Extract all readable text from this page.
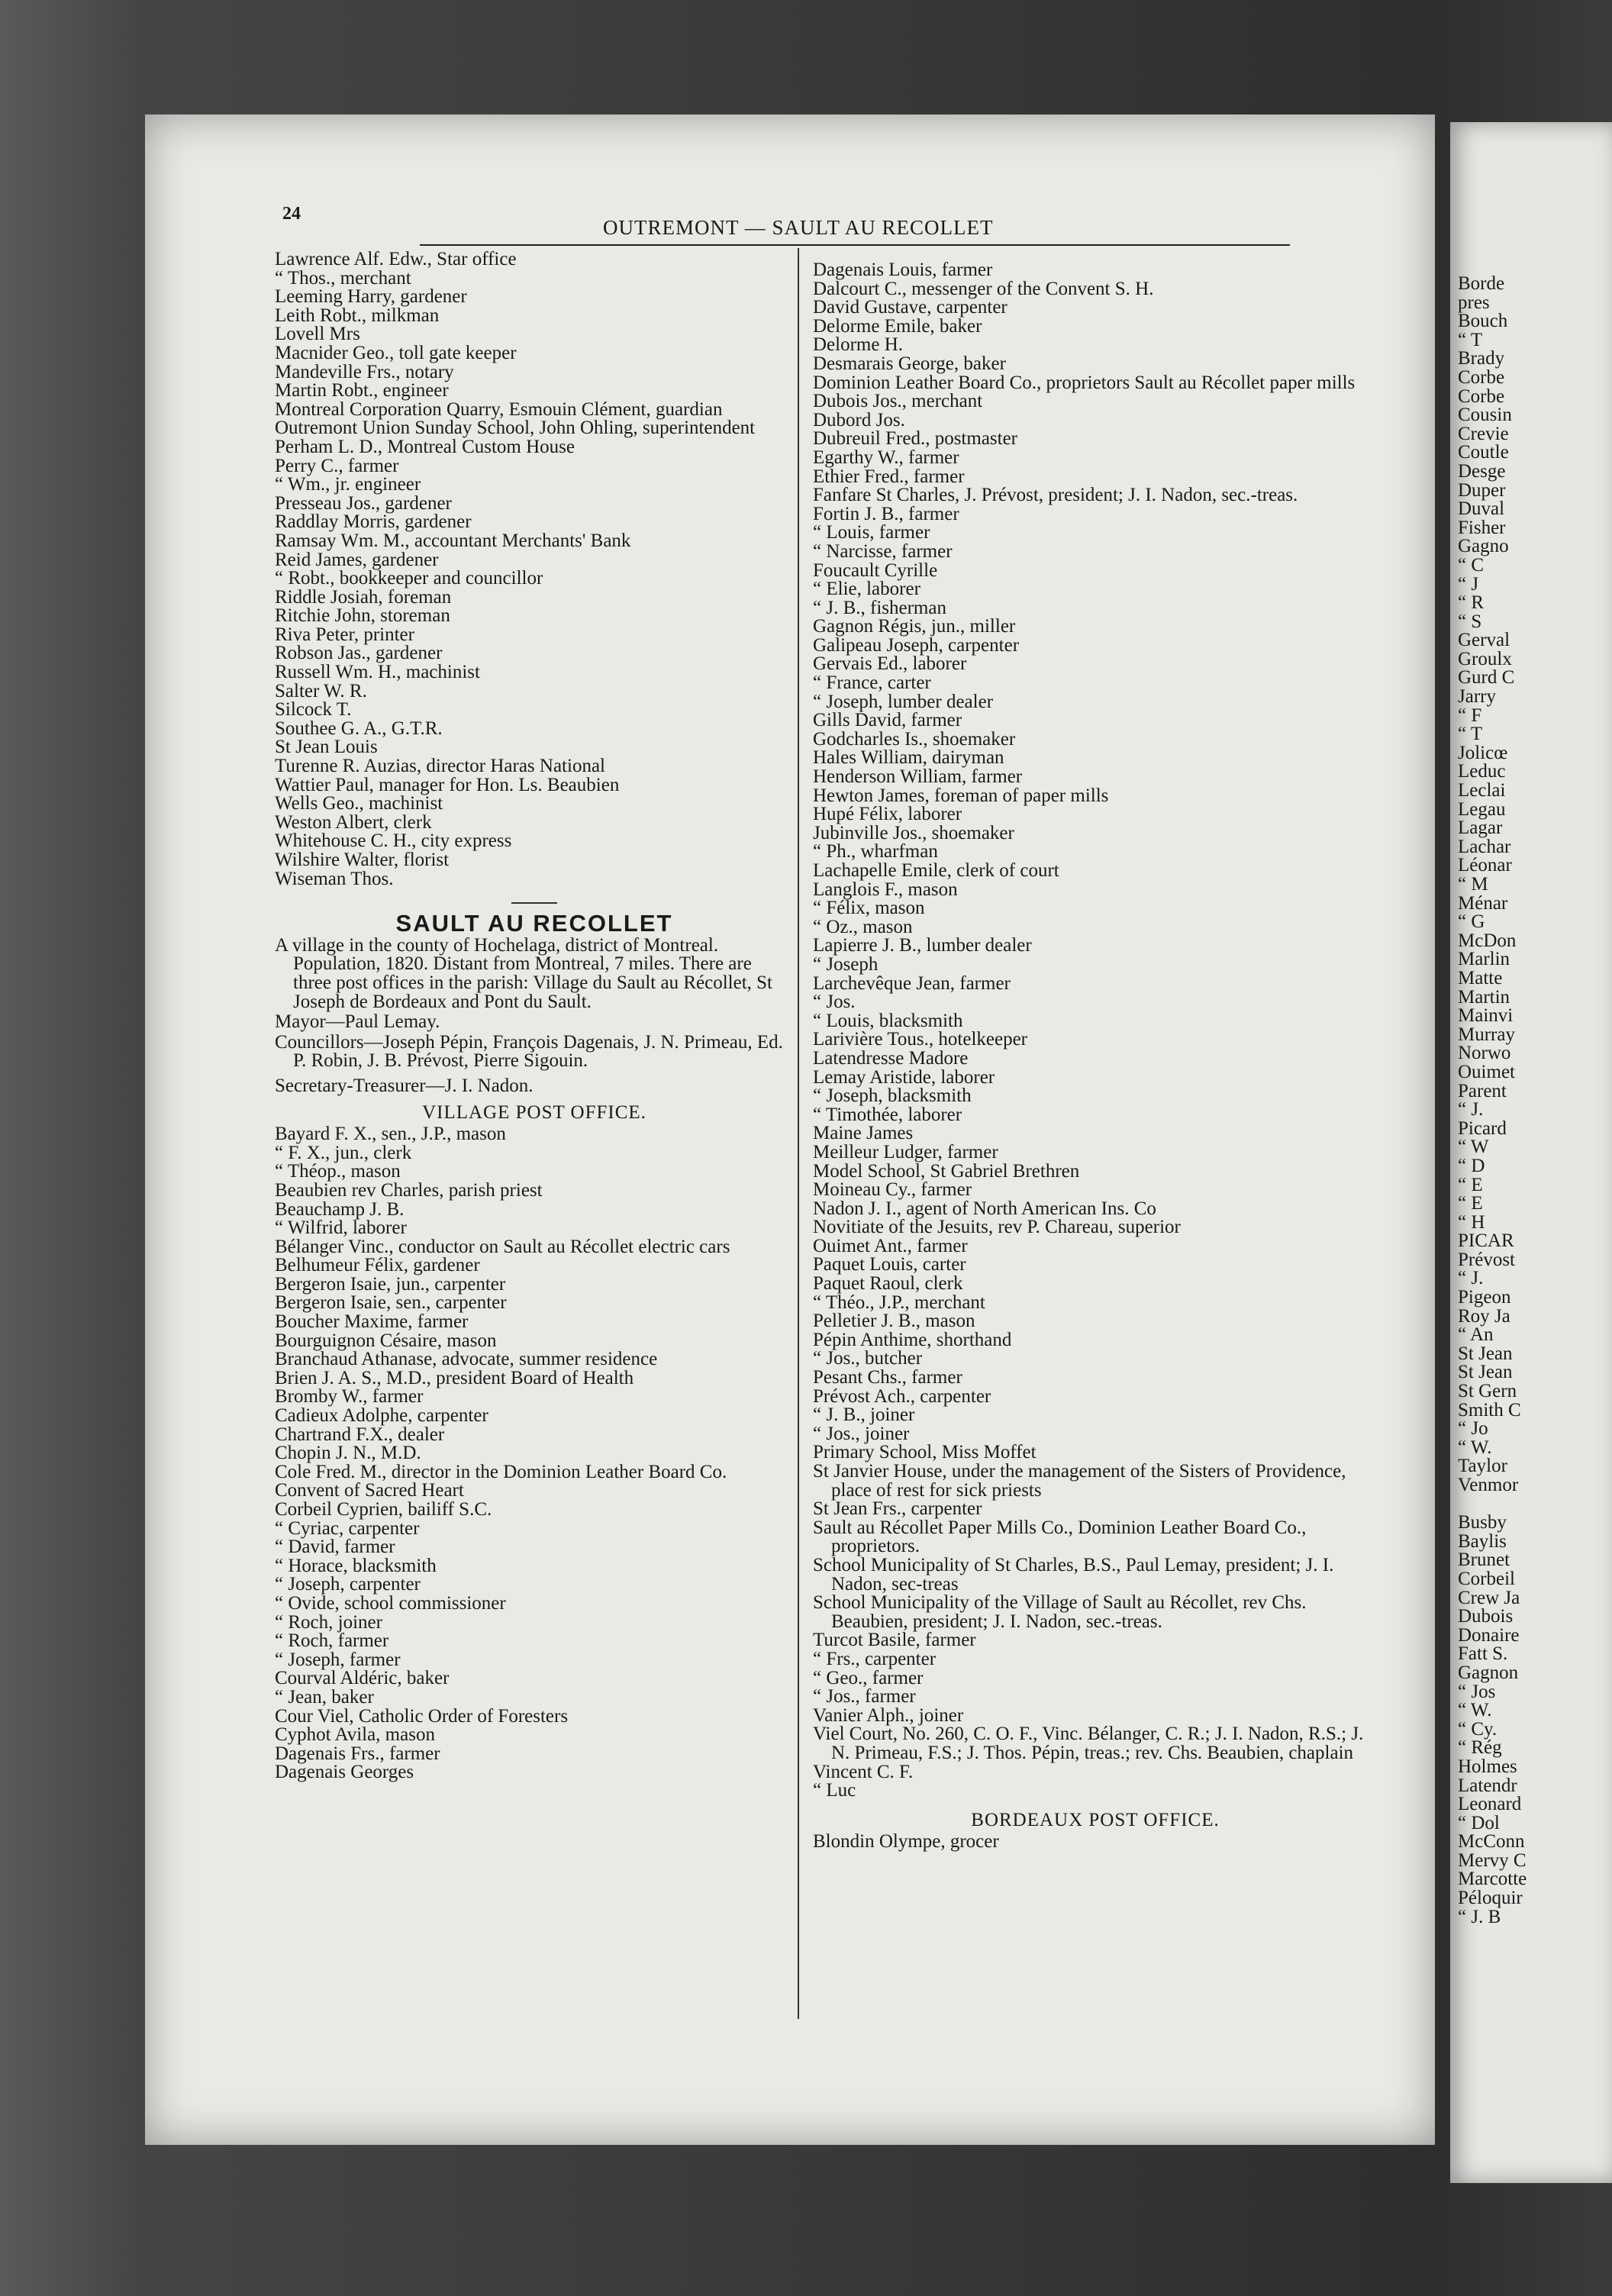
24
OUTREMONT — SAULT AU RECOLLET
Lawrence Alf. Edw., Star office
“ Thos., merchant
Leeming Harry, gardener
Leith Robt., milkman
Lovell Mrs
Macnider Geo., toll gate keeper
Mandeville Frs., notary
Martin Robt., engineer
Montreal Corporation Quarry, Esmouin Clément, guardian
Outremont Union Sunday School, John Ohling, superintendent
Perham L. D., Montreal Custom House
Perry C., farmer
“ Wm., jr. engineer
Presseau Jos., gardener
Raddlay Morris, gardener
Ramsay Wm. M., accountant Merchants' Bank
Reid James, gardener
“ Robt., bookkeeper and councillor
Riddle Josiah, foreman
Ritchie John, storeman
Riva Peter, printer
Robson Jas., gardener
Russell Wm. H., machinist
Salter W. R.
Silcock T.
Southee G. A., G.T.R.
St Jean Louis
Turenne R. Auzias, director Haras National
Wattier Paul, manager for Hon. Ls. Beaubien
Wells Geo., machinist
Weston Albert, clerk
Whitehouse C. H., city express
Wilshire Walter, florist
Wiseman Thos.
SAULT AU RECOLLET
A village in the county of Hochelaga, district of Montreal. Population, 1820. Distant from Montreal, 7 miles. There are three post offices in the parish: Village du Sault au Récollet, St Joseph de Bordeaux and Pont du Sault.
Mayor—Paul Lemay.
Councillors—Joseph Pépin, François Dagenais, J. N. Primeau, Ed. P. Robin, J. B. Prévost, Pierre Sigouin.
Secretary-Treasurer—J. I. Nadon.
VILLAGE POST OFFICE.
Bayard F. X., sen., J.P., mason
“ F. X., jun., clerk
“ Théop., mason
Beaubien rev Charles, parish priest
Beauchamp J. B.
“ Wilfrid, laborer
Bélanger Vinc., conductor on Sault au Récollet electric cars
Belhumeur Félix, gardener
Bergeron Isaie, jun., carpenter
Bergeron Isaie, sen., carpenter
Boucher Maxime, farmer
Bourguignon Césaire, mason
Branchaud Athanase, advocate, summer residence
Brien J. A. S., M.D., president Board of Health
Bromby W., farmer
Cadieux Adolphe, carpenter
Chartrand F.X., dealer
Chopin J. N., M.D.
Cole Fred. M., director in the Dominion Leather Board Co.
Convent of Sacred Heart
Corbeil Cyprien, bailiff S.C.
“ Cyriac, carpenter
“ David, farmer
“ Horace, blacksmith
“ Joseph, carpenter
“ Ovide, school commissioner
“ Roch, joiner
“ Roch, farmer
“ Joseph, farmer
Courval Aldéric, baker
“ Jean, baker
Cour Viel, Catholic Order of Foresters
Cyphot Avila, mason
Dagenais Frs., farmer
Dagenais Georges
Dagenais Louis, farmer
Dalcourt C., messenger of the Convent S. H.
David Gustave, carpenter
Delorme Emile, baker
Delorme H.
Desmarais George, baker
Dominion Leather Board Co., proprietors Sault au Récollet paper mills
Dubois Jos., merchant
Dubord Jos.
Dubreuil Fred., postmaster
Egarthy W., farmer
Ethier Fred., farmer
Fanfare St Charles, J. Prévost, president; J. I. Nadon, sec.-treas.
Fortin J. B., farmer
“ Louis, farmer
“ Narcisse, farmer
Foucault Cyrille
“ Elie, laborer
“ J. B., fisherman
Gagnon Régis, jun., miller
Galipeau Joseph, carpenter
Gervais Ed., laborer
“ France, carter
“ Joseph, lumber dealer
Gills David, farmer
Godcharles Is., shoemaker
Hales William, dairyman
Henderson William, farmer
Hewton James, foreman of paper mills
Hupé Félix, laborer
Jubinville Jos., shoemaker
“ Ph., wharfman
Lachapelle Emile, clerk of court
Langlois F., mason
“ Félix, mason
“ Oz., mason
Lapierre J. B., lumber dealer
“ Joseph
Larchevêque Jean, farmer
“ Jos.
“ Louis, blacksmith
Larivière Tous., hotelkeeper
Latendresse Madore
Lemay Aristide, laborer
“ Joseph, blacksmith
“ Timothée, laborer
Maine James
Meilleur Ludger, farmer
Model School, St Gabriel Brethren
Moineau Cy., farmer
Nadon J. I., agent of North American Ins. Co
Novitiate of the Jesuits, rev P. Chareau, superior
Ouimet Ant., farmer
Paquet Louis, carter
Paquet Raoul, clerk
“ Théo., J.P., merchant
Pelletier J. B., mason
Pépin Anthime, shorthand
“ Jos., butcher
Pesant Chs., farmer
Prévost Ach., carpenter
“ J. B., joiner
“ Jos., joiner
Primary School, Miss Moffet
St Janvier House, under the management of the Sisters of Providence, place of rest for sick priests
St Jean Frs., carpenter
Sault au Récollet Paper Mills Co., Dominion Leather Board Co., proprietors.
School Municipality of St Charles, B.S., Paul Lemay, president; J. I. Nadon, sec-treas
School Municipality of the Village of Sault au Récollet, rev Chs. Beaubien, president; J. I. Nadon, sec.-treas.
Turcot Basile, farmer
“ Frs., carpenter
“ Geo., farmer
“ Jos., farmer
Vanier Alph., joiner
Viel Court, No. 260, C. O. F., Vinc. Bélanger, C. R.; J. I. Nadon, R.S.; J. N. Primeau, F.S.; J. Thos. Pépin, treas.; rev. Chs. Beaubien, chaplain
Vincent C. F.
“ Luc
BORDEAUX POST OFFICE.
Blondin Olympe, grocer
Borde
pres
Bouch
“ T
Brady
Corbe
Corbe
Cousin
Crevie
Coutle
Desge
Duper
Duval
Fisher
Gagno
“ C
“ J
“ R
“ S
Gerval
Groulx
Gurd C
Jarry
“ F
“ T
Jolicœ
Leduc
Leclai
Legau
Lagar
Lachar
Léonar
“ M
Ménar
“ G
McDon
Marlin
Matte
Martin
Mainvi
Murray
Norwo
Ouimet
Parent
“ J.
Picard
“ W
“ D
“ E
“ E
“ H
PICAR
Prévost
“ J.
Pigeon
Roy Ja
“ An
St Jean
St Jean
St Gern
Smith C
“ Jo
“ W.
Taylor
Venmor

Busby
Baylis
Brunet
Corbeil
Crew Ja
Dubois
Donaire
Fatt S.
Gagnon
“ Jos
“ W.
“ Cy.
“ Rég
Holmes
Latendr
Leonard
“ Dol
McConn
Mervy C
Marcotte
Péloquir
“ J. B
